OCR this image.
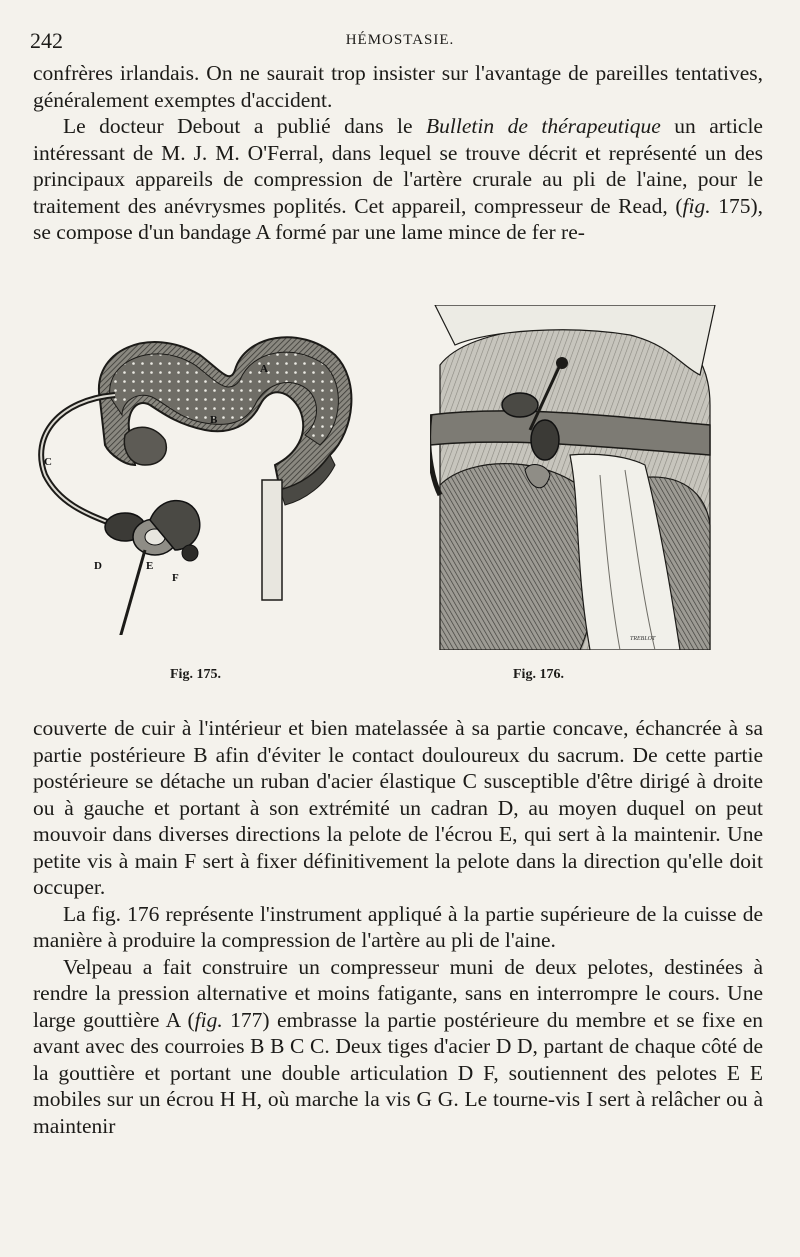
242	HÉMOSTASIE.

confrères irlandais. On ne saurait trop insister sur l'avantage de pareilles tentatives, généralement exemptes d'accident.

Le docteur Debout a publié dans le Bulletin de thérapeutique un article intéressant de M. J. M. O'Ferral, dans lequel se trouve décrit et représenté un des principaux appareils de compression de l'artère crurale au pli de l'aine, pour le traitement des anévrysmes poplités. Cet appareil, compresseur de Read, (fig. 175), se compose d'un bandage A formé par une lame mince de fer re-

A
B
C
D	E
F
TREBLOT
Fig. 175.	Fig. 176.

couverte de cuir à l'intérieur et bien matelassée à sa partie concave, échancrée à sa partie postérieure B afin d'éviter le contact douloureux du sacrum. De cette partie postérieure se détache un ruban d'acier élastique C susceptible d'être dirigé à droite ou à gauche et portant à son extrémité un cadran D, au moyen duquel on peut mouvoir dans diverses directions la pelote de l'écrou E, qui sert à la maintenir. Une petite vis à main F sert à fixer définitivement la pelote dans la direction qu'elle doit occuper.

La fig. 176 représente l'instrument appliqué à la partie supérieure de la cuisse de manière à produire la compression de l'artère au pli de l'aine.

Velpeau a fait construire un compresseur muni de deux pelotes, destinées à rendre la pression alternative et moins fatigante, sans en interrompre le cours. Une large gouttière A (fig. 177) embrasse la partie postérieure du membre et se fixe en avant avec des courroies B B C C. Deux tiges d'acier D D, partant de chaque côté de la gouttière et portant une double articulation D F, soutiennent des pelotes E E mobiles sur un écrou H H, où marche la vis G G. Le tourne-vis I sert à relâcher ou à maintenir
